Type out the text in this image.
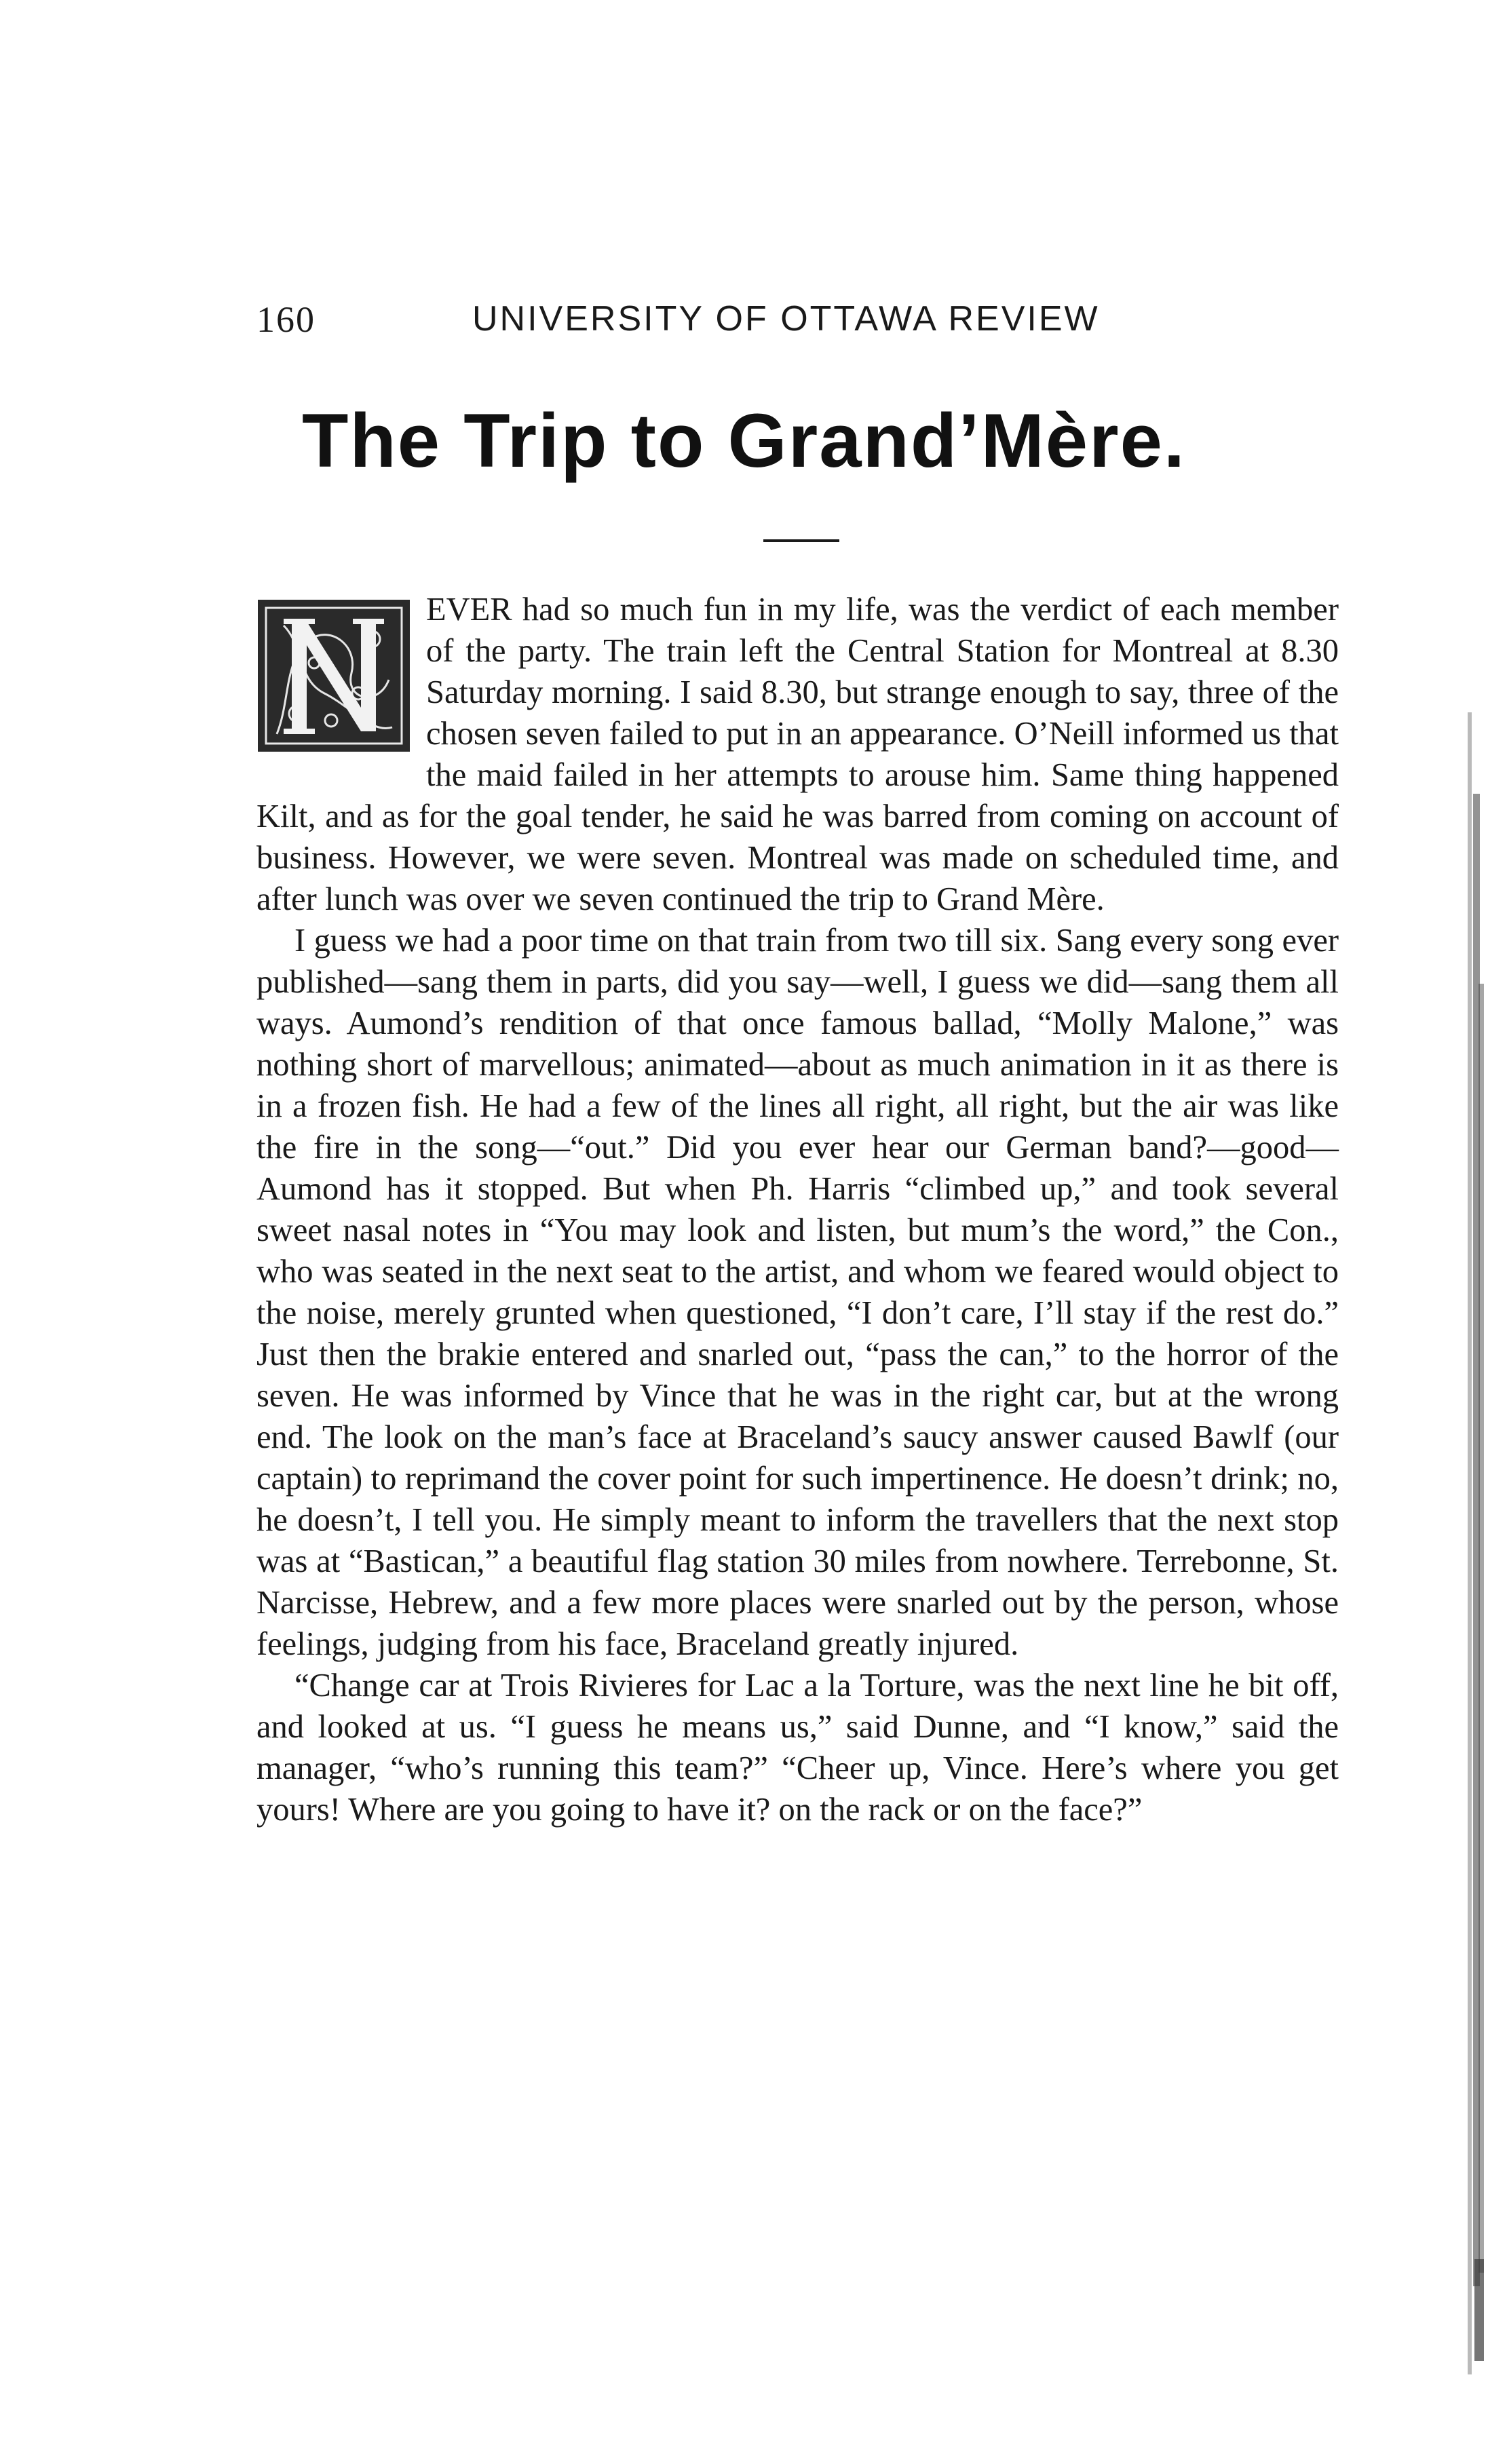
160	UNIVERSITY OF OTTAWA REVIEW
The Trip to Grand’Mère.

EVER had so much fun in my life, was the verdict of each member of the party. The train left the Central Station for Montreal at 8.30 Saturday morning. I said 8.30, but strange enough to say, three of the chosen seven failed to put in an appearance. O’Neill informed us that the maid failed in her attempts to arouse him. Same thing happened Kilt, and as for the goal tender, he said he was barred from coming on account of business. However, we were seven. Montreal was made on scheduled time, and after lunch was over we seven continued the trip to Grand Mère.

I guess we had a poor time on that train from two till six. Sang every song ever published—sang them in parts, did you say—well, I guess we did—sang them all ways. Aumond’s rendition of that once famous ballad, “Molly Malone,” was nothing short of marvellous; animated—about as much animation in it as there is in a frozen fish. He had a few of the lines all right, all right, but the air was like the fire in the song—“out.” Did you ever hear our German band?—good—Aumond has it stopped. But when Ph. Harris “climbed up,” and took several sweet nasal notes in “You may look and listen, but mum’s the word,” the Con., who was seated in the next seat to the artist, and whom we feared would object to the noise, merely grunted when questioned, “I don’t care, I’ll stay if the rest do.” Just then the brakie entered and snarled out, “pass the can,” to the horror of the seven. He was informed by Vince that he was in the right car, but at the wrong end. The look on the man’s face at Braceland’s saucy answer caused Bawlf (our captain) to reprimand the cover point for such impertinence. He doesn’t drink; no, he doesn’t, I tell you. He simply meant to inform the travellers that the next stop was at “Bastican,” a beautiful flag station 30 miles from nowhere. Terrebonne, St. Narcisse, Hebrew, and a few more places were snarled out by the person, whose feelings, judging from his face, Braceland greatly injured.

“Change car at Trois Rivieres for Lac a la Torture, was the next line he bit off, and looked at us. “I guess he means us,” said Dunne, and “I know,” said the manager, “who’s running this team?” “Cheer up, Vince. Here’s where you get yours! Where are you going to have it? on the rack or on the face?”
